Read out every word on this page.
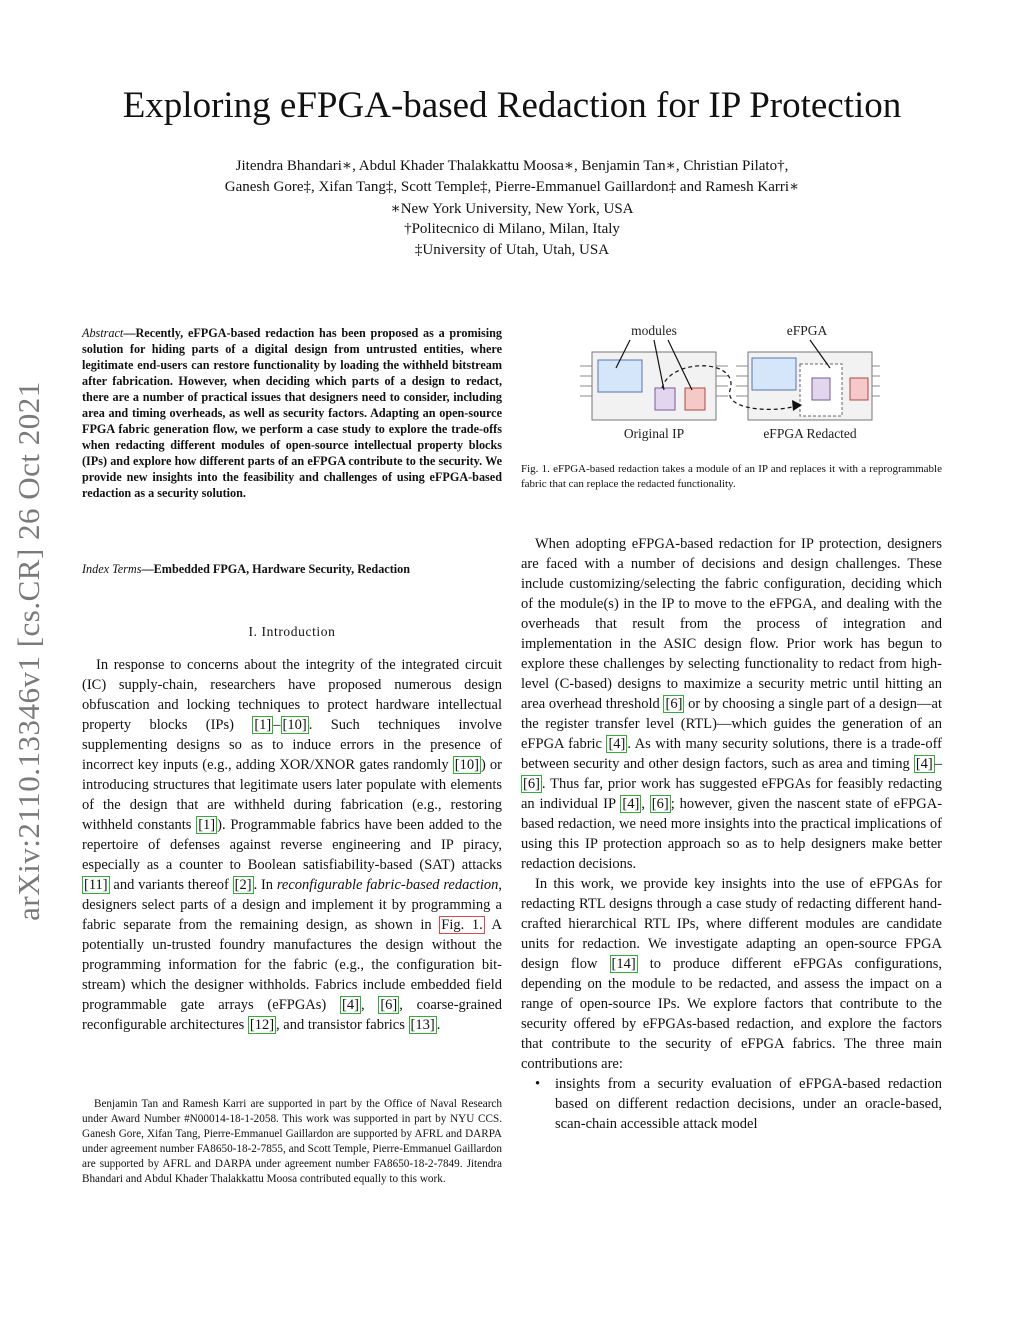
arXiv:2110.13346v1 [cs.CR] 26 Oct 2021
Exploring eFPGA-based Redaction for IP Protection
Jitendra Bhandari∗, Abdul Khader Thalakkattu Moosa∗, Benjamin Tan∗, Christian Pilato†,
Ganesh Gore‡, Xifan Tang‡, Scott Temple‡, Pierre-Emmanuel Gaillardon‡ and Ramesh Karri∗
∗New York University, New York, USA
†Politecnico di Milano, Milan, Italy
‡University of Utah, Utah, USA
Abstract—Recently, eFPGA-based redaction has been proposed as a promising solution for hiding parts of a digital design from untrusted entities, where legitimate end-users can restore functionality by loading the withheld bitstream after fabrication. However, when deciding which parts of a design to redact, there are a number of practical issues that designers need to consider, including area and timing overheads, as well as security factors. Adapting an open-source FPGA fabric generation flow, we perform a case study to explore the trade-offs when redacting different modules of open-source intellectual property blocks (IPs) and explore how different parts of an eFPGA contribute to the security. We provide new insights into the feasibility and challenges of using eFPGA-based redaction as a security solution.
Index Terms—Embedded FPGA, Hardware Security, Redaction
I. Introduction

In response to concerns about the integrity of the integrated circuit (IC) supply-chain, researchers have proposed numerous design obfuscation and locking techniques to protect hardware intellectual property blocks (IPs) [1] – [10] . Such techniques involve supplementing designs so as to induce errors in the presence of incorrect key inputs (e.g., adding XOR/XNOR gates randomly [10] ) or introducing structures that legitimate users later populate with elements of the design that are withheld during fabrication (e.g., restoring withheld constants [1] ). Programmable fabrics have been added to the repertoire of defenses against reverse engineering and IP piracy, especially as a counter to Boolean satisfiability-based (SAT) attacks [11] and variants thereof [2] . In reconfigurable fabric-based redaction, designers select parts of a design and implement it by programming a fabric separate from the remaining design, as shown in Fig. 1. A potentially un-trusted foundry manufactures the design without the programming information for the fabric (e.g., the configuration bit-stream) which the designer withholds. Fabrics include embedded field programmable gate arrays (eFPGAs) [4] , [6] , coarse-grained reconfigurable architectures [12] , and transistor fabrics [13] .

Benjamin Tan and Ramesh Karri are supported in part by the Office of Naval Research under Award Number #N00014-18-1-2058. This work was supported in part by NYU CCS. Ganesh Gore, Xifan Tang, Pierre-Emmanuel Gaillardon are supported by AFRL and DARPA under agreement number FA8650-18-2-7855, and Scott Temple, Pierre-Emmanuel Gaillardon are supported by AFRL and DARPA under agreement number FA8650-18-2-7849. Jitendra Bhandari and Abdul Khader Thalakkattu Moosa contributed equally to this work.

modules	eFPGA
Original IP	eFPGA Redacted
Fig. 1. eFPGA-based redaction takes a module of an IP and replaces it with a reprogrammable fabric that can replace the redacted functionality.

When adopting eFPGA-based redaction for IP protection, designers are faced with a number of decisions and design challenges. These include customizing/selecting the fabric configuration, deciding which of the module(s) in the IP to move to the eFPGA, and dealing with the overheads that result from the process of integration and implementation in the ASIC design flow. Prior work has begun to explore these challenges by selecting functionality to redact from high-level (C-based) designs to maximize a security metric until hitting an area overhead threshold [6] or by choosing a single part of a design—at the register transfer level (RTL)—which guides the generation of an eFPGA fabric [4] . As with many security solutions, there is a trade-off between security and other design factors, such as area and timing [4] –[6] . Thus far, prior work has suggested eFPGAs for feasibly redacting an individual IP [4] , [6] ; however, given the nascent state of eFPGA-based redaction, we need more insights into the practical implications of using this IP protection approach so as to help designers make better redaction decisions.

In this work, we provide key insights into the use of eFPGAs for redacting RTL designs through a case study of redacting different hand-crafted hierarchical RTL IPs, where different modules are candidate units for redaction. We investigate adapting an open-source FPGA design flow [14] to produce different eFPGAs configurations, depending on the module to be redacted, and assess the impact on a range of open-source IPs. We explore factors that contribute to the security offered by eFPGAs-based redaction, and explore the factors that contribute to the security of eFPGA fabrics. The three main contributions are:

• insights from a security evaluation of eFPGA-based redaction based on different redaction decisions, under an oracle-based, scan-chain accessible attack model
